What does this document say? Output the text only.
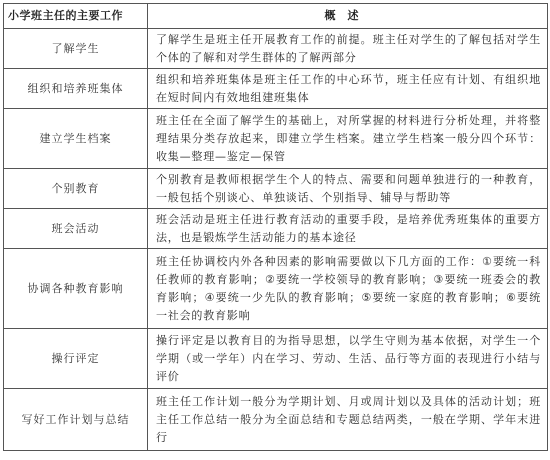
小学班主任的主要工作	概述
了解学生	了解学生是班主任开展教育工作的前提。班主任对学生的了解包括对学生个体的了解和对学生群体的了解两部分
组织和培养班集体	组织和培养班集体是班主任工作的中心环节，班主任应有计划、有组织地在短时间内有效地组建班集体
建立学生档案	班主任在全面了解学生的基础上，对所掌握的材料进行分析处理，并将整理结果分类存放起来，即建立学生档案。建立学生档案一般分四个环节：收集—整理—鉴定—保管
个别教育	个别教育是教师根据学生个人的特点、需要和问题单独进行的一种教育，一般包括个别谈心、单独谈话、个别指导、辅导与帮助等
班会活动	班会活动是班主任进行教育活动的重要手段，是培养优秀班集体的重要方法，也是锻炼学生活动能力的基本途径
协调各种教育影响	班主任协调校内外各种因素的影响需要做以下几方面的工作：①要统一科任教师的教育影响；②要统一学校领导的教育影响；③要统一班委会的教育影响；④要统一少先队的教育影响；⑤要统一家庭的教育影响；⑥要统一社会的教育影响
操行评定	操行评定是以教育目的为指导思想，以学生守则为基本依据，对学生一个学期（或一学年）内在学习、劳动、生活、品行等方面的表现进行小结与评价
写好工作计划与总结	班主任工作计划一般分为学期计划、月或周计划以及具体的活动计划；班主任工作总结一般分为全面总结和专题总结两类，一般在学期、学年末进行
